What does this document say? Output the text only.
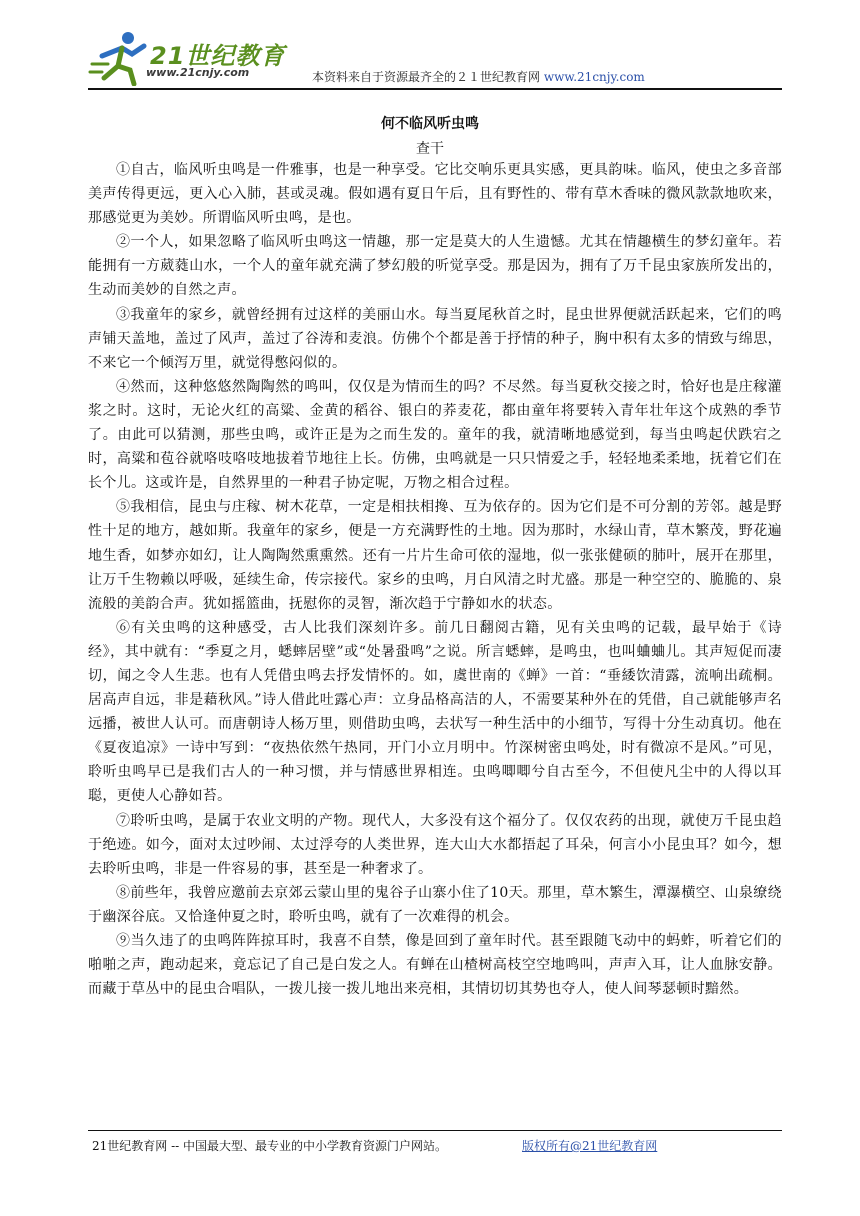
21世纪教育
www.21cnjy.com	本资料来自于资源最齐全的２１世纪教育网 www.21cnjy.com
何不临风听虫鸣
查干

①自古，临风听虫鸣是一件雅事，也是一种享受。它比交响乐更具实感，更具韵味。临风，使虫之多音部美声传得更远，更入心入肺，甚或灵魂。假如遇有夏日午后，且有野性的、带有草木香味的微风款款地吹来，那感觉更为美妙。所谓临风听虫鸣，是也。

②一个人，如果忽略了临风听虫鸣这一情趣，那一定是莫大的人生遗憾。尤其在情趣横生的梦幻童年。若能拥有一方葳蕤山水，一个人的童年就充满了梦幻般的听觉享受。那是因为，拥有了万千昆虫家族所发出的，生动而美妙的自然之声。

③我童年的家乡，就曾经拥有过这样的美丽山水。每当夏尾秋首之时，昆虫世界便就活跃起来，它们的鸣声铺天盖地，盖过了风声，盖过了谷涛和麦浪。仿佛个个都是善于抒情的种子，胸中积有太多的情致与绵思，不来它一个倾泻万里，就觉得憋闷似的。

④然而，这种悠悠然陶陶然的鸣叫，仅仅是为情而生的吗？不尽然。每当夏秋交接之时，恰好也是庄稼灌浆之时。这时，无论火红的高粱、金黄的稻谷、银白的荞麦花，都由童年将要转入青年壮年这个成熟的季节了。由此可以猜测，那些虫鸣，或许正是为之而生发的。童年的我，就清晰地感觉到，每当虫鸣起伏跌宕之时，高粱和苞谷就咯吱咯吱地拔着节地往上长。仿佛，虫鸣就是一只只情爱之手，轻轻地柔柔地，抚着它们在长个儿。这或许是，自然界里的一种君子协定呢，万物之相合过程。

⑤我相信，昆虫与庄稼、树木花草，一定是相扶相搀、互为依存的。因为它们是不可分割的芳邻。越是野性十足的地方，越如斯。我童年的家乡，便是一方充满野性的土地。因为那时，水绿山青，草木繁茂，野花遍地生香，如梦亦如幻，让人陶陶然熏熏然。还有一片片生命可依的湿地，似一张张健硕的肺叶，展开在那里，让万千生物赖以呼吸，延续生命，传宗接代。家乡的虫鸣，月白风清之时尤盛。那是一种空空的、脆脆的、泉流般的美韵合声。犹如摇篮曲，抚慰你的灵智，渐次趋于宁静如水的状态。

⑥有关虫鸣的这种感受，古人比我们深刻许多。前几日翻阅古籍，见有关虫鸣的记载，最早始于《诗经》，其中就有：“季夏之月，蟋蟀居壁”或“处暑蛩鸣”之说。所言蟋蟀，是鸣虫，也叫蛐蛐儿。其声短促而凄切，闻之令人生悲。也有人凭借虫鸣去抒发情怀的。如，虞世南的《蝉》一首：“垂緌饮清露，流响出疏桐。居高声自远，非是藉秋风。”诗人借此吐露心声：立身品格高洁的人，不需要某种外在的凭借，自己就能够声名远播，被世人认可。而唐朝诗人杨万里，则借助虫鸣，去状写一种生活中的小细节，写得十分生动真切。他在《夏夜追凉》一诗中写到：“夜热依然午热同，开门小立月明中。竹深树密虫鸣处，时有微凉不是风。”可见，聆听虫鸣早已是我们古人的一种习惯，并与情感世界相连。虫鸣唧唧兮自古至今，不但使凡尘中的人得以耳聪，更使人心静如苔。

⑦聆听虫鸣，是属于农业文明的产物。现代人，大多没有这个福分了。仅仅农药的出现，就使万千昆虫趋于绝迹。如今，面对太过吵闹、太过浮夸的人类世界，连大山大水都捂起了耳朵，何言小小昆虫耳？如今，想去聆听虫鸣，非是一件容易的事，甚至是一种奢求了。

⑧前些年，我曾应邀前去京郊云蒙山里的鬼谷子山寨小住了10天。那里，草木繁生，潭瀑横空、山泉缭绕于幽深谷底。又恰逢仲夏之时，聆听虫鸣，就有了一次难得的机会。

⑨当久违了的虫鸣阵阵掠耳时，我喜不自禁，像是回到了童年时代。甚至跟随飞动中的蚂蚱，听着它们的啪啪之声，跑动起来，竟忘记了自己是白发之人。有蝉在山楂树高枝空空地鸣叫，声声入耳，让人血脉安静。而藏于草丛中的昆虫合唱队，一拨儿接一拨儿地出来亮相，其情切切其势也夺人，使人间琴瑟顿时黯然。

21世纪教育网 -- 中国最大型、最专业的中小学教育资源门户网站。	版权所有@21世纪教育网
